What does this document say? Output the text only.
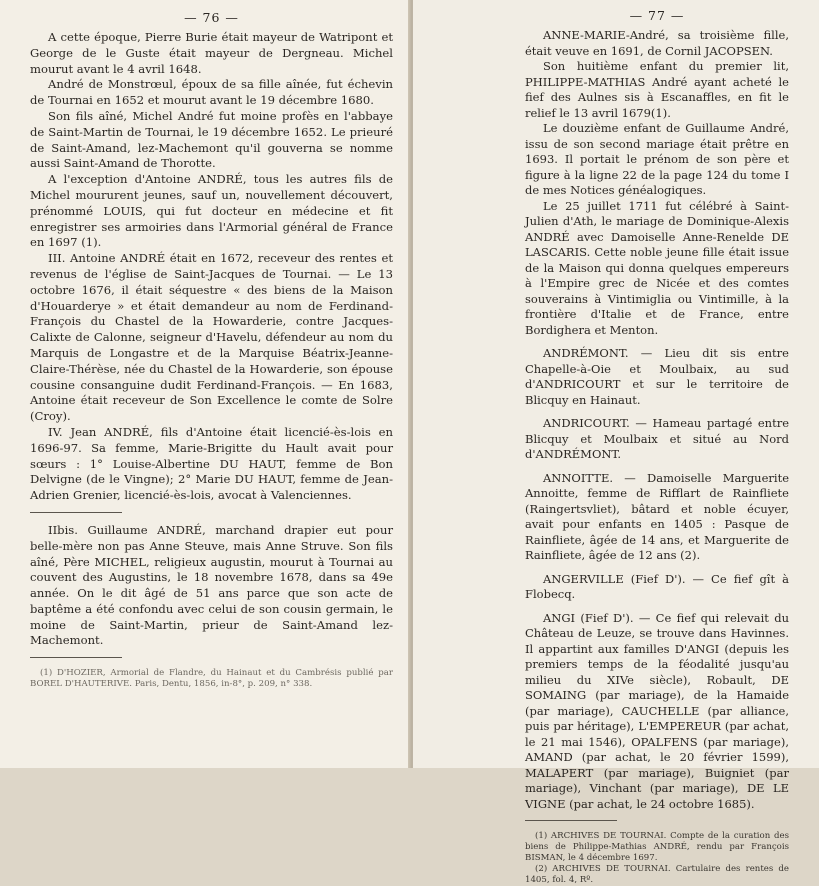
— 76 —

A cette époque, Pierre Burie était mayeur de Watripont et George de le Guste était mayeur de Dergneau. Michel mourut avant le 4 avril 1648.

André de Monstrœul, époux de sa fille aînée, fut échevin de Tournai en 1652 et mourut avant le 19 décembre 1680.

Son fils aîné, Michel André fut moine profès en l'abbaye de Saint-Martin de Tournai, le 19 décembre 1652. Le prieuré de Saint-Amand, lez-Machemont qu'il gouverna se nomme aussi Saint-Amand de Thorotte.

A l'exception d'Antoine ANDRÉ, tous les autres fils de Michel moururent jeunes, sauf un, nouvellement découvert, prénommé LOUIS, qui fut docteur en médecine et fit enregistrer ses armoiries dans l'Armorial général de France en 1697 (1).

III. Antoine ANDRÉ était en 1672, receveur des rentes et revenus de l'église de Saint-Jacques de Tournai. — Le 13 octobre 1676, il était séquestre « des biens de la Maison d'Houarderye » et était demandeur au nom de Ferdinand-François du Chastel de la Howarderie, contre Jacques-Calixte de Calonne, seigneur d'Havelu, défendeur au nom du Marquis de Longastre et de la Marquise Béatrix-Jeanne-Claire-Thérèse, née du Chastel de la Howarderie, son épouse cousine consanguine dudit Ferdinand-François. — En 1683, Antoine était receveur de Son Excellence le comte de Solre (Croy).

IV. Jean ANDRÉ, fils d'Antoine était licencié-ès-lois en 1696-97. Sa femme, Marie-Brigitte du Hault avait pour sœurs : 1° Louise-Albertine DU HAUT, femme de Bon Delvigne (de le Vingne); 2° Marie DU HAUT, femme de Jean-Adrien Grenier, licencié-ès-lois, avocat à Valenciennes.

IIbis. Guillaume ANDRÉ, marchand drapier eut pour belle-mère non pas Anne Steuve, mais Anne Struve. Son fils aîné, Père MICHEL, religieux augustin, mourut à Tournai au couvent des Augustins, le 18 novembre 1678, dans sa 49e année. On le dit âgé de 51 ans parce que son acte de baptême a été confondu avec celui de son cousin germain, le moine de Saint-Martin, prieur de Saint-Amand lez-Machemont.

(1) D'HOZIER, Armorial de Flandre, du Hainaut et du Cambrésis publié par BOREL D'HAUTERIVE. Paris, Dentu, 1856, in-8°, p. 209, n° 338.

— 77 —

ANNE-MARIE-André, sa troisième fille, était veuve en 1691, de Cornil JACOPSEN.

Son huitième enfant du premier lit, PHILIPPE-MATHIAS André ayant acheté le fief des Aulnes sis à Escanaffles, en fit le relief le 13 avril 1679(1).

Le douzième enfant de Guillaume André, issu de son second mariage était prêtre en 1693. Il portait le prénom de son père et figure à la ligne 22 de la page 124 du tome I de mes Notices généalogiques.

Le 25 juillet 1711 fut célébré à Saint-Julien d'Ath, le mariage de Dominique-Alexis ANDRÉ avec Damoiselle Anne-Renelde DE LASCARIS. Cette noble jeune fille était issue de la Maison qui donna quelques empereurs à l'Empire grec de Nicée et des comtes souverains à Vintimiglia ou Vintimille, à la frontière d'Italie et de France, entre Bordighera et Menton.

ANDRÉMONT. — Lieu dit sis entre Chapelle-à-Oie et Moulbaix, au sud d'ANDRICOURT et sur le territoire de Blicquy en Hainaut.

ANDRICOURT. — Hameau partagé entre Blicquy et Moulbaix et situé au Nord d'ANDRÉMONT.

ANNOITTE. — Damoiselle Marguerite Annoitte, femme de Rifflart de Rainfliete (Raingertsvliet), bâtard et noble écuyer, avait pour enfants en 1405 : Pasque de Rainfliete, âgée de 14 ans, et Marguerite de Rainfliete, âgée de 12 ans (2).

ANGERVILLE (Fief D'). — Ce fief gît à Flobecq.

ANGI (Fief D'). — Ce fief qui relevait du Château de Leuze, se trouve dans Havinnes. Il appartint aux familles D'ANGI (depuis les premiers temps de la féodalité jusqu'au milieu du XIVe siècle), Robault, DE SOMAING (par mariage), de la Hamaide (par mariage), CAUCHELLE (par alliance, puis par héritage), L'EMPEREUR (par achat, le 21 mai 1546), OPALFENS (par mariage), AMAND (par achat, le 20 février 1599), MALAPERT (par mariage), Buigniet (par mariage), Vinchant (par mariage), DE LE VIGNE (par achat, le 24 octobre 1685).

(1) ARCHIVES DE TOURNAI. Compte de la curation des biens de Philippe-Mathias ANDRÉ, rendu par François BISMAN, le 4 décembre 1697.

(2) ARCHIVES DE TOURNAI. Cartulaire des rentes de 1405, fol. 4, Rº.
